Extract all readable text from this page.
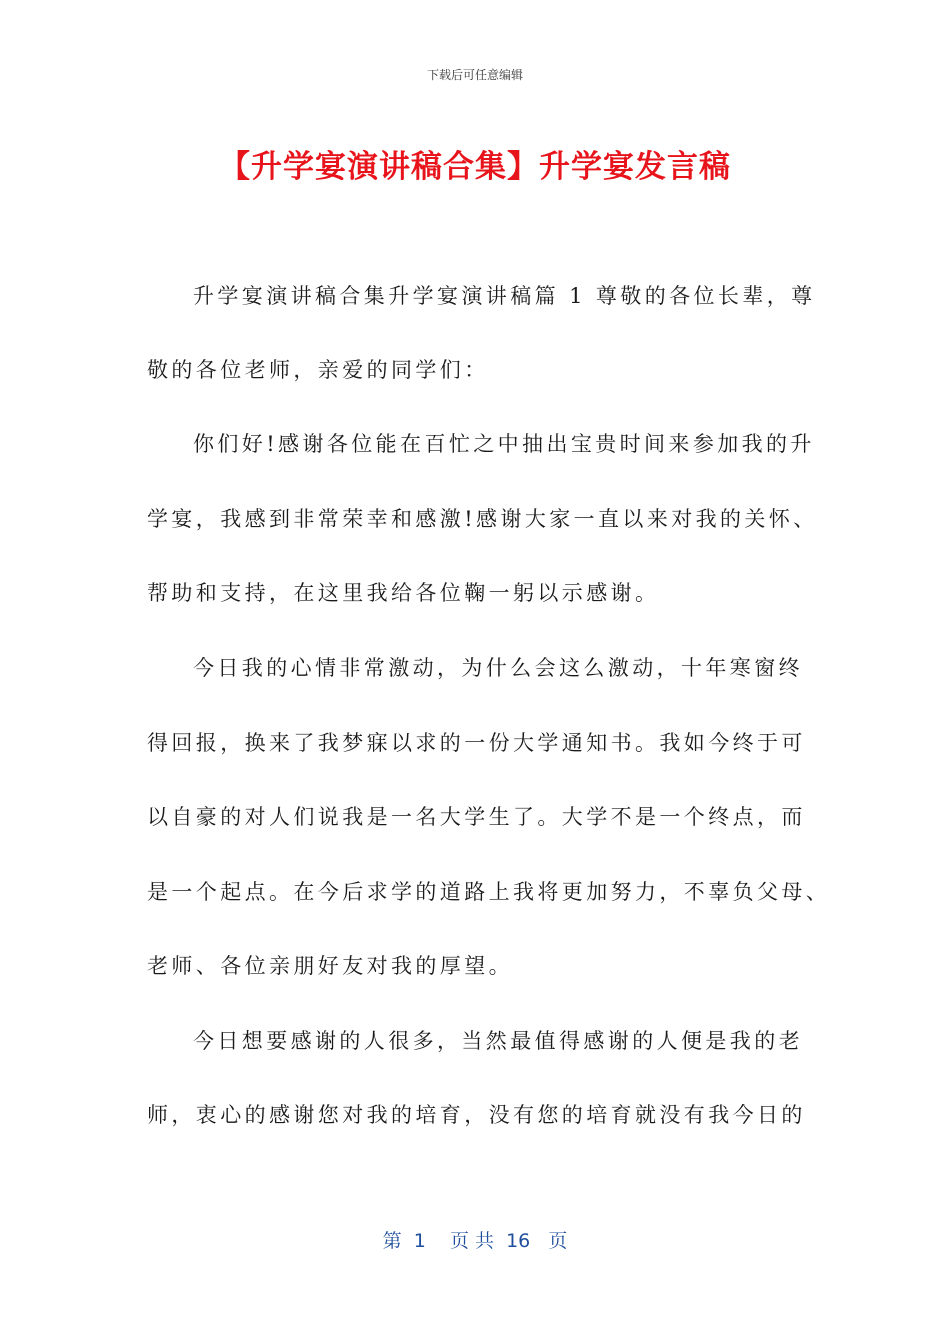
下载后可任意编辑
【升学宴演讲稿合集】升学宴发言稿
升学宴演讲稿合集升学宴演讲稿篇 1 尊敬的各位长辈，尊
敬的各位老师，亲爱的同学们：
你们好!感谢各位能在百忙之中抽出宝贵时间来参加我的升
学宴，我感到非常荣幸和感激!感谢大家一直以来对我的关怀、
帮助和支持，在这里我给各位鞠一躬以示感谢。
今日我的心情非常激动，为什么会这么激动，十年寒窗终
得回报，换来了我梦寐以求的一份大学通知书。我如今终于可
以自豪的对人们说我是一名大学生了。大学不是一个终点，而
是一个起点。在今后求学的道路上我将更加努力，不辜负父母、
老师、各位亲朋好友对我的厚望。
今日想要感谢的人很多，当然最值得感谢的人便是我的老
师，衷心的感谢您对我的培育，没有您的培育就没有我今日的
第  1    页 共  16   页
